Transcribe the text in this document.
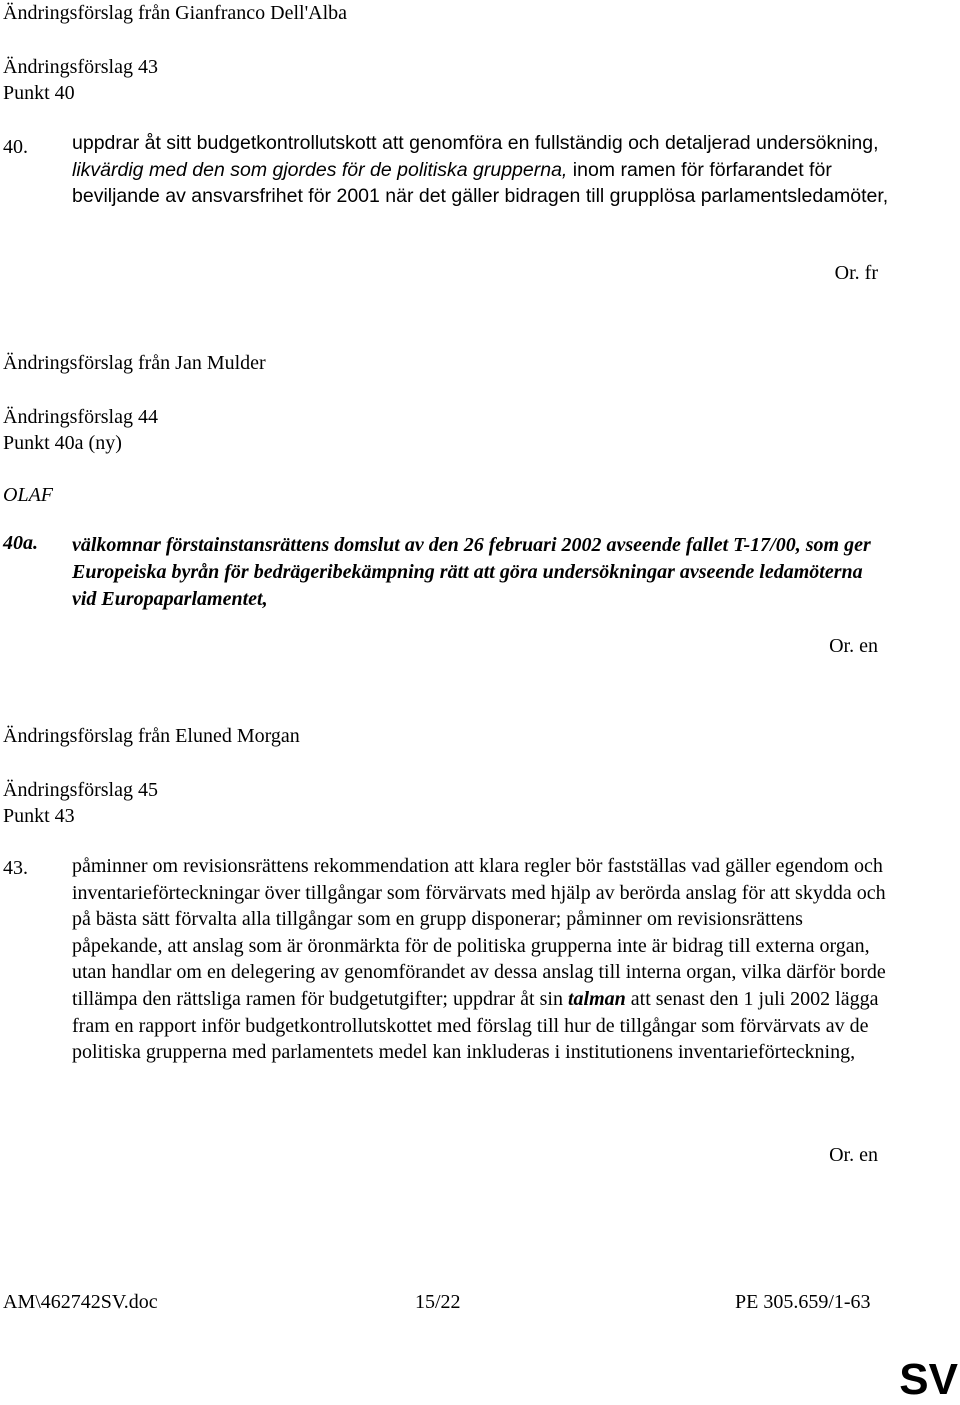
Ändringsförslag från Gianfranco Dell'Alba
Ändringsförslag 43
Punkt 40
40. uppdrar åt sitt budgetkontrollutskott att genomföra en fullständig och detaljerad undersökning, likvärdig med den som gjordes för de politiska grupperna, inom ramen för förfarandet för beviljande av ansvarsfrihet för 2001 när det gäller bidragen till grupplösa parlamentsledamöter,
Or. fr
Ändringsförslag från Jan Mulder
Ändringsförslag 44
Punkt 40a (ny)
OLAF
40a. välkomnar förstainstansrättens domslut av den 26 februari 2002 avseende fallet T-17/00, som ger Europeiska byrån för bedrägeribekämpning rätt att göra undersökningar avseende ledamöterna vid Europaparlamentet,
Or. en
Ändringsförslag från Eluned Morgan
Ändringsförslag 45
Punkt 43
43. påminner om revisionsrättens rekommendation att klara regler bör fastställas vad gäller egendom och inventarieförteckningar över tillgångar som förvärvats med hjälp av berörda anslag för att skydda och på bästa sätt förvalta alla tillgångar som en grupp disponerar; påminner om revisionsrättens påpekande, att anslag som är öronmärkta för de politiska grupperna inte är bidrag till externa organ, utan handlar om en delegering av genomförandet av dessa anslag till interna organ, vilka därför borde tillämpa den rättsliga ramen för budgetutgifter; uppdrar åt sin talman att senast den 1 juli 2002 lägga fram en rapport inför budgetkontrollutskottet med förslag till hur de tillgångar som förvärvats av de politiska grupperna med parlamentets medel kan inkluderas i institutionens inventarieförteckning,
Or. en
AM\462742SV.doc	15/22	PE 305.659/1-63
SV
